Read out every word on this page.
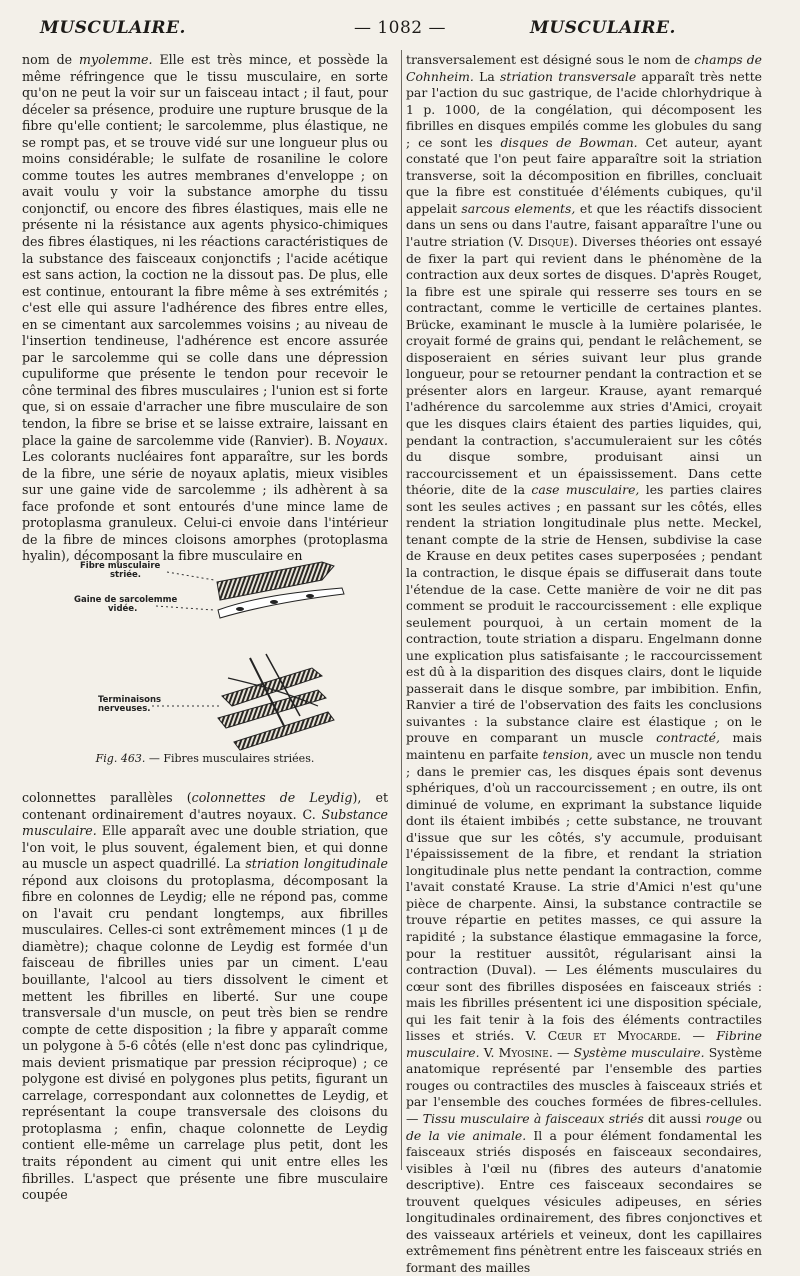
MUSCULAIRE.	— 1082 —	MUSCULAIRE.

nom de myolemme. Elle est très mince, et possède la même réfringence que le tissu musculaire, en sorte qu'on ne peut la voir sur un faisceau intact ; il faut, pour déceler sa présence, produire une rupture brusque de la fibre qu'elle contient; le sarcolemme, plus élastique, ne se rompt pas, et se trouve vidé sur une longueur plus ou moins considérable; le sulfate de rosaniline le colore comme toutes les autres membranes d'enveloppe ; on avait voulu y voir la substance amorphe du tissu conjonctif, ou encore des fibres élastiques, mais elle ne présente ni la résistance aux agents physico-chimiques des fibres élastiques, ni les réactions caractéristiques de la substance des faisceaux conjonctifs ; l'acide acétique est sans action, la coction ne la dissout pas. De plus, elle est continue, entourant la fibre même à ses extrémités ; c'est elle qui assure l'adhérence des fibres entre elles, en se cimentant aux sarcolemmes voisins ; au niveau de l'insertion tendineuse, l'adhérence est encore assurée par le sarcolemme qui se colle dans une dépression cupuliforme que présente le tendon pour recevoir le cône terminal des fibres musculaires ; l'union est si forte que, si on essaie d'arracher une fibre musculaire de son tendon, la fibre se brise et se laisse extraire, laissant en place la gaine de sarcolemme vide (Ranvier). B. Noyaux. Les colorants nucléaires font apparaître, sur les bords de la fibre, une série de noyaux aplatis, mieux visibles sur une gaine vide de sarcolemme ; ils adhèrent à sa face profonde et sont entourés d'une mince lame de protoplasma granuleux. Celui-ci envoie dans l'intérieur de la fibre de minces cloisons amorphes (protoplasma hyalin), décomposant la fibre musculaire en

Fibre musculaire
striée.
Gaine de sarcolemme
vidée.
Terminaisons
nerveuses.
Fig. 463. — Fibres musculaires striées.

colonnettes parallèles (colonnettes de Leydig), et contenant ordinairement d'autres noyaux. C. Substance musculaire. Elle apparaît avec une double striation, que l'on voit, le plus souvent, également bien, et qui donne au muscle un aspect quadrillé. La striation longitudinale répond aux cloisons du protoplasma, décomposant la fibre en colonnes de Leydig; elle ne répond pas, comme on l'avait cru pendant longtemps, aux fibrilles musculaires. Celles-ci sont extrêmement minces (1 µ de diamètre); chaque colonne de Leydig est formée d'un faisceau de fibrilles unies par un ciment. L'eau bouillante, l'alcool au tiers dissolvent le ciment et mettent les fibrilles en liberté. Sur une coupe transversale d'un muscle, on peut très bien se rendre compte de cette disposition ; la fibre y apparaît comme un polygone à 5-6 côtés (elle n'est donc pas cylindrique, mais devient prismatique par pression réciproque) ; ce polygone est divisé en polygones plus petits, figurant un carrelage, correspondant aux colonnettes de Leydig, et représentant la coupe transversale des cloisons du protoplasma ; enfin, chaque colonnette de Leydig contient elle-même un carrelage plus petit, dont les traits répondent au ciment qui unit entre elles les fibrilles. L'aspect que présente une fibre musculaire coupée

transversalement est désigné sous le nom de champs de Cohnheim. La striation transversale apparaît très nette par l'action du suc gastrique, de l'acide chlorhydrique à 1 p. 1000, de la congélation, qui décomposent les fibrilles en disques empilés comme les globules du sang ; ce sont les disques de Bowman. Cet auteur, ayant constaté que l'on peut faire apparaître soit la striation transverse, soit la décomposition en fibrilles, concluait que la fibre est constituée d'éléments cubiques, qu'il appelait sarcous elements, et que les réactifs dissocient dans un sens ou dans l'autre, faisant apparaître l'une ou l'autre striation (V. Disque). Diverses théories ont essayé de fixer la part qui revient dans le phénomène de la contraction aux deux sortes de disques. D'après Rouget, la fibre est une spirale qui resserre ses tours en se contractant, comme le verticille de certaines plantes. Brücke, examinant le muscle à la lumière polarisée, le croyait formé de grains qui, pendant le relâchement, se disposeraient en séries suivant leur plus grande longueur, pour se retourner pendant la contraction et se présenter alors en largeur. Krause, ayant remarqué l'adhérence du sarcolemme aux stries d'Amici, croyait que les disques clairs étaient des parties liquides, qui, pendant la contraction, s'accumuleraient sur les côtés du disque sombre, produisant ainsi un raccourcissement et un épaississement. Dans cette théorie, dite de la case musculaire, les parties claires sont les seules actives ; en passant sur les côtés, elles rendent la striation longitudinale plus nette. Meckel, tenant compte de la strie de Hensen, subdivise la case de Krause en deux petites cases superposées ; pendant la contraction, le disque épais se diffuserait dans toute l'étendue de la case. Cette manière de voir ne dit pas comment se produit le raccourcissement : elle explique seulement pourquoi, à un certain moment de la contraction, toute striation a disparu. Engelmann donne une explication plus satisfaisante ; le raccourcissement est dû à la disparition des disques clairs, dont le liquide passerait dans le disque sombre, par imbibition. Enfin, Ranvier a tiré de l'observation des faits les conclusions suivantes : la substance claire est élastique ; on le prouve en comparant un muscle contracté, mais maintenu en parfaite tension, avec un muscle non tendu ; dans le premier cas, les disques épais sont devenus sphériques, d'où un raccourcissement ; en outre, ils ont diminué de volume, en exprimant la substance liquide dont ils étaient imbibés ; cette substance, ne trouvant d'issue que sur les côtés, s'y accumule, produisant l'épaississement de la fibre, et rendant la striation longitudinale plus nette pendant la contraction, comme l'avait constaté Krause. La strie d'Amici n'est qu'une pièce de charpente. Ainsi, la substance contractile se trouve répartie en petites masses, ce qui assure la rapidité ; la substance élastique emmagasine la force, pour la restituer aussitôt, régularisant ainsi la contraction (Duval). — Les éléments musculaires du cœur sont des fibrilles disposées en faisceaux striés : mais les fibrilles présentent ici une disposition spéciale, qui les fait tenir à la fois des éléments contractiles lisses et striés. V. Cœur et Myocarde. — Fibrine musculaire. V. Myosine. — Système musculaire. Système anatomique représenté par l'ensemble des parties rouges ou contractiles des muscles à faisceaux striés et par l'ensemble des couches formées de fibres-cellules. — Tissu musculaire à faisceaux striés dit aussi rouge ou de la vie animale. Il a pour élément fondamental les faisceaux striés disposés en faisceaux secondaires, visibles à l'œil nu (fibres des auteurs d'anatomie descriptive). Entre ces faisceaux secondaires se trouvent quelques vésicules adipeuses, en séries longitudinales ordinairement, des fibres conjonctives et des vaisseaux artériels et veineux, dont les capillaires extrêmement fins pénètrent entre les faisceaux striés en formant des mailles
